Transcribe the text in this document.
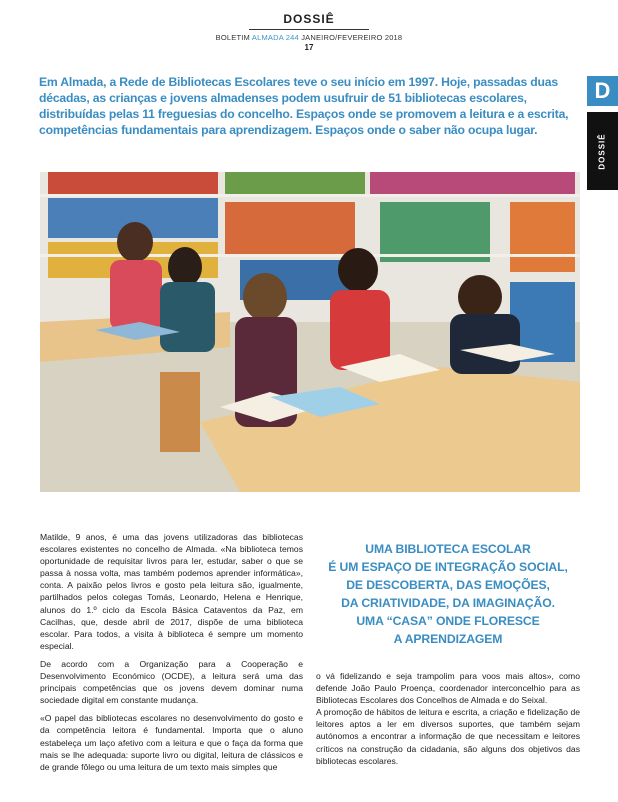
DOSSIÊ
BOLETIM ALMADA 244 JANEIRO/FEVEREIRO 2018
17
D
DOSSIÊ
Em Almada, a Rede de Bibliotecas Escolares teve o seu início em 1997. Hoje, passadas duas décadas, as crianças e jovens almadenses podem usufruir de 51 bibliotecas escolares, distribuídas pelas 11 freguesias do concelho. Espaços onde se promovem a leitura e a escrita, competências fundamentais para aprendizagem. Espaços onde o saber não ocupa lugar.

Matilde, 9 anos, é uma das jovens utilizadoras das bibliotecas escolares existentes no concelho de Almada. «Na biblioteca temos oportunidade de requisitar livros para ler, estudar, saber o que se passa à nossa volta, mas também podemos aprender informática», conta. A paixão pelos livros e gosto pela leitura são, igualmente, partilhados pelos colegas Tomás, Leonardo, Helena e Henrique, alunos do 1.º ciclo da Escola Básica Cataventos da Paz, em Cacilhas, que, desde abril de 2017, dispõe de uma biblioteca escolar. Para todos, a visita à biblioteca é sempre um momento especial.

De acordo com a Organização para a Cooperação e Desenvolvimento Económico (OCDE), a leitura será uma das principais competências que os jovens devem dominar numa sociedade digital em constante mudança.

«O papel das bibliotecas escolares no desenvolvimento do gosto e da competência leitora é fundamental. Importa que o aluno estabeleça um laço afetivo com a leitura e que o faça da forma que mais se lhe adequada: suporte livro ou digital, leitura de clássicos e de grande fôlego ou uma leitura de um texto mais simples que

UMA BIBLIOTECA ESCOLAR
É UM ESPAÇO DE INTEGRAÇÃO SOCIAL,
DE DESCOBERTA, DAS EMOÇÕES,
DA CRIATIVIDADE, DA IMAGINAÇÃO.
UMA “CASA” ONDE FLORESCE
A APRENDIZAGEM

o vá fidelizando e seja trampolim para voos mais altos», como defende João Paulo Proença, coordenador interconcelhio para as Bibliotecas Escolares dos Concelhos de Almada e do Seixal.

A promoção de hábitos de leitura e escrita, a criação e fidelização de leitores aptos a ler em diversos suportes, que também sejam autónomos a encontrar a informação de que necessitam e leitores críticos na construção da cidadania, são alguns dos objetivos das bibliotecas escolares.
